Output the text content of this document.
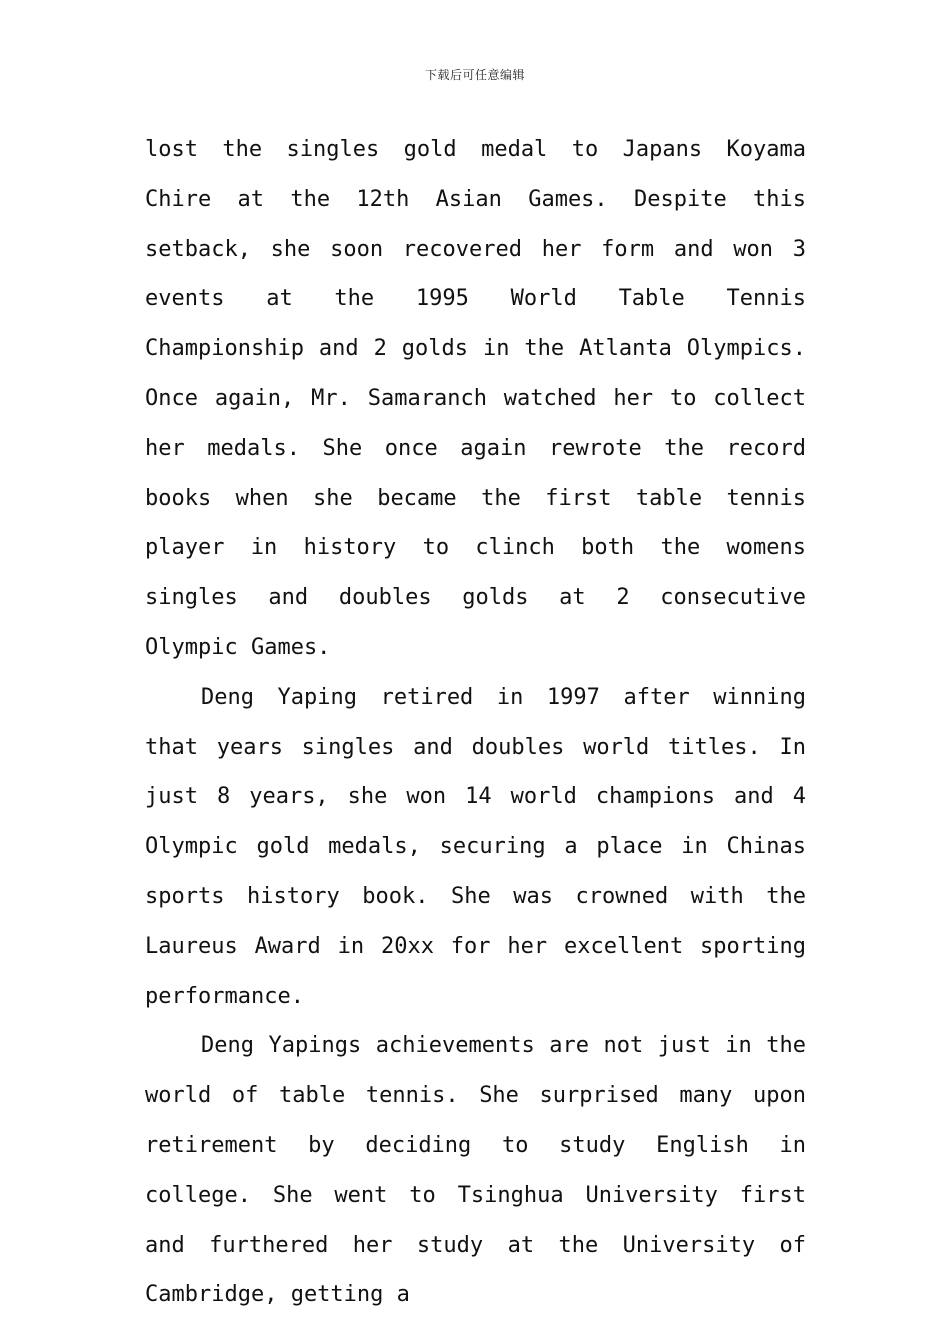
下载后可任意编辑

lost the singles gold medal to Japans Koyama Chire at the 12th Asian Games. Despite this setback, she soon recovered her form and won 3 events at the 1995 World Table Tennis Championship and 2 golds in the Atlanta Olympics. Once again, Mr. Samaranch watched her to collect her medals. She once again rewrote the record books when she became the first table tennis player in history to clinch both the womens singles and doubles golds at 2 consecutive Olympic Games.

Deng Yaping retired in 1997 after winning that years singles and doubles world titles. In just 8 years, she won 14 world champions and 4 Olympic gold medals, securing a place in Chinas sports history book. She was crowned with the Laureus Award in 20xx for her excellent sporting performance.

Deng Yapings achievements are not just in the world of table tennis. She surprised many upon retirement by deciding to study English in college. She went to Tsinghua University first and furthered her study at the University of Cambridge, getting a
